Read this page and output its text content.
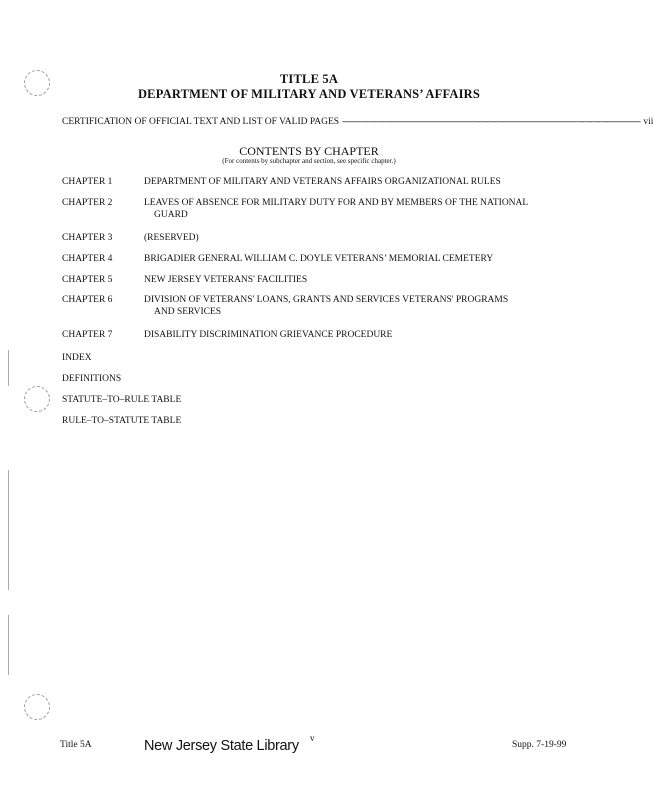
TITLE 5A
DEPARTMENT OF MILITARY AND VETERANS’ AFFAIRS
CERTIFICATION OF OFFICIAL TEXT AND LIST OF VALID PAGES ---------------------------------------------------------------------------------------------------------------- vii
CONTENTS BY CHAPTER
(For contents by subchapter and section, see specific chapter.)
CHAPTER 1	DEPARTMENT OF MILITARY AND VETERANS AFFAIRS ORGANIZATIONAL RULES
CHAPTER 2	LEAVES OF ABSENCE FOR MILITARY DUTY FOR AND BY MEMBERS OF THE NATIONAL
GUARD
CHAPTER 3	(RESERVED)
CHAPTER 4	BRIGADIER GENERAL WILLIAM C. DOYLE VETERANS’ MEMORIAL CEMETERY
CHAPTER 5	NEW JERSEY VETERANS' FACILITIES
CHAPTER 6	DIVISION OF VETERANS' LOANS, GRANTS AND SERVICES VETERANS' PROGRAMS
AND SERVICES
CHAPTER 7	DISABILITY DISCRIMINATION GRIEVANCE PROCEDURE
INDEX
DEFINITIONS
STATUTE–TO–RULE TABLE
RULE–TO–STATUTE TABLE
Title 5A	New Jersey State Library v
Supp. 7-19-99
